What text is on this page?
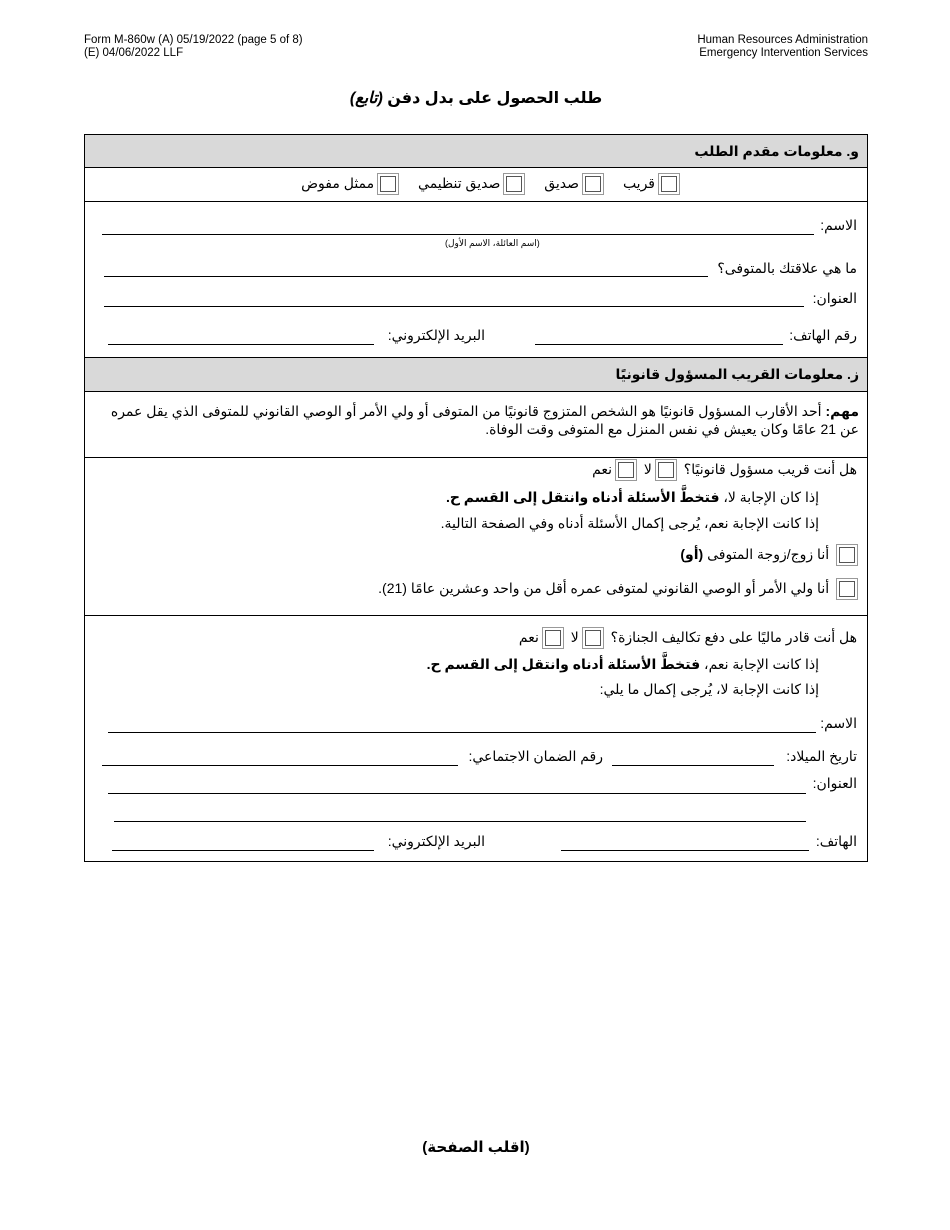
Form M-860w (A) 05/19/2022 (page 5 of 8)
(E) 04/06/2022 LLF
Human Resources Administration
Emergency Intervention Services
طلب الحصول على بدل دفن (تابع)
و. معلومات مقدم الطلب
قريب صديق صديق تنظيمي ممثل مفوض
الاسم:
(اسم العائلة، الاسم الأول)
ما هي علاقتك بالمتوفى؟
العنوان:
رقم الهاتف:
البريد الإلكتروني:
ز. معلومات القريب المسؤول قانونيًا
مهم: أحد الأقارب المسؤول قانونيًا هو الشخص المتزوج قانونيًا من المتوفى أو ولي الأمر أو الوصي القانوني للمتوفى الذي يقل عمره عن 21 عامًا وكان يعيش في نفس المنزل مع المتوفى وقت الوفاة.
هل أنت قريب مسؤول قانونيًا؟ لا نعم
إذا كان الإجابة لا، فتخطَّ الأسئلة أدناه وانتقل إلى القسم ح.
إذا كانت الإجابة نعم، يُرجى إكمال الأسئلة أدناه وفي الصفحة التالية.
أنا زوج/زوجة المتوفى (أو)
أنا ولي الأمر أو الوصي القانوني لمتوفى عمره أقل من واحد وعشرين عامًا (21).
هل أنت قادر ماليًا على دفع تكاليف الجنازة؟ لا نعم
إذا كانت الإجابة نعم، فتخطَّ الأسئلة أدناه وانتقل إلى القسم ح.
إذا كانت الإجابة لا، يُرجى إكمال ما يلي:
الاسم:
تاريخ الميلاد:
رقم الضمان الاجتماعي:
العنوان:
الهاتف:
البريد الإلكتروني:
(اقلب الصفحة)
